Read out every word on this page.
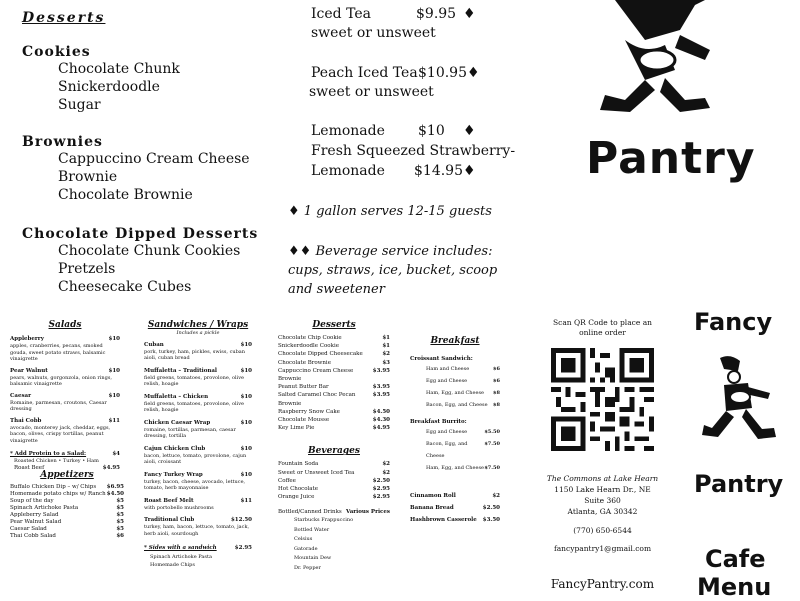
Desserts
Cookies
Chocolate Chunk
Snickerdoodle
Sugar
Brownies
Cappuccino Cream Cheese
Brownie
Chocolate Brownie
Chocolate Dipped Desserts
Chocolate Chunk Cookies
Pretzels
Cheesecake Cubes
Iced Tea	$9.95 ♦
sweet or unsweet
Peach Iced Tea $10.95 ♦
sweet or unsweet
Lemonade $10 ♦
Fresh Squeezed Strawberry-
Lemonade $14.95 ♦
♦ 1 gallon serves 12-15 guests
♦♦ Beverage service includes: cups, straws, ice, bucket, scoop and sweetener
Pantry
Salads
Appleberry	$10
apples, cranberries, pecans, smoked gouda, sweet potato straws, balsamic vinaigrette
Pear Walnut	$10
pears, walnuts, gorgonzola, onion rings, balsamic vinaigrette
Caesar	$10
Romaine, parmesan, croutons, Caesar dressing
Thai Cobb	$11
avocado, monterey jack, cheddar, eggs, bacon, olives, crispy tortillas, peanut vinaigrette
* Add Protein to a Salad:	$4
Roasted Chicken • Turkey • Ham
Roast Beef	$4.95
Appetizers
Buffalo Chicken Dip – w/ Chips $6.95
Homemade potato chips w/ Ranch $4.50
Soup of the day	$5
Spinach Artichoke Pasta	$5
Appleberry Salad	$5
Pear Walnut Salad	$5
Caesar Salad	$5
Thai Cobb Salad	$6
Sandwiches / Wraps
Includes a pickle
Cuban	$10
pork, turkey, ham, pickles, swiss, cuban aioli, cuban bread
Muffaletta – Traditional	$10
field greens, tomatoes, provolone, olive relish, hoagie
Muffaletta – Chicken	$10
field greens, tomatoes, provolone, olive relish, hoagie
Chicken Caesar Wrap	$10
romaine, tortillas, parmesan, caesar dressing, tortilla
Cajun Chicken Club	$10
bacon, lettuce, tomato, provolone, cajun aioli, croissant
Fancy Turkey Wrap	$10
turkey, bacon, cheese, avocado, lettuce, tomato, herb mayonnaise
Roast Beef Melt	$11
with portobello mushrooms
Traditional Club	$12.50
turkey, ham, bacon, lettuce, tomato, jack, herb aioli, sourdough
* Sides with a sandwich	$2.95
Spinach Artichoke Pasta
Homemade Chips
Desserts
Chocolate Chip Cookie	$1
Snickerdoodle Cookie	$1
Chocolate Dipped Cheesecake	$2
Chocolate Brownie	$3
Cappuccino Cream Cheese Brownie
$3.95
Peanut Butter Bar	$3.95
Salted Caramel Choc Pecan Brownie
$3.95
Raspberry Snow Cake	$4.50
Chocolate Mousse	$4.30
Key Lime Pie	$4.95
Beverages
Fountain Soda	$2
Sweet or Unsweet Iced Tea	$2
Coffee	$2.50
Hot Chocolate	$2.95
Orange Juice	$2.95
Bottled/Canned Drinks Various Prices
Starbucks Frappuccino
Bottled Water
Celsius
Gatorade
Mountain Dew
Dr. Pepper
Breakfast
Croissant Sandwich:
Ham and Cheese	$6
Egg and Cheese	$6
Ham, Egg, and Cheese $8
Bacon, Egg, and Cheese $8
Breakfast Burrito:
Egg and Cheese	$5.50
Bacon, Egg, and Cheese
$7.50
Ham, Egg, and Cheese $7.50
Cinnamon Roll	$2
Banana Bread	$2.50
Hashbrown Casserole $3.50
Scan QR Code to place an online order
The Commons at Lake Hearn
1150 Lake Hearn Dr., NE
Suite 360
Atlanta, GA 30342
(770) 650-6544
fancypantry1@gmail.com
FancyPantry.com
Fancy
Pantry
Cafe
Menu
